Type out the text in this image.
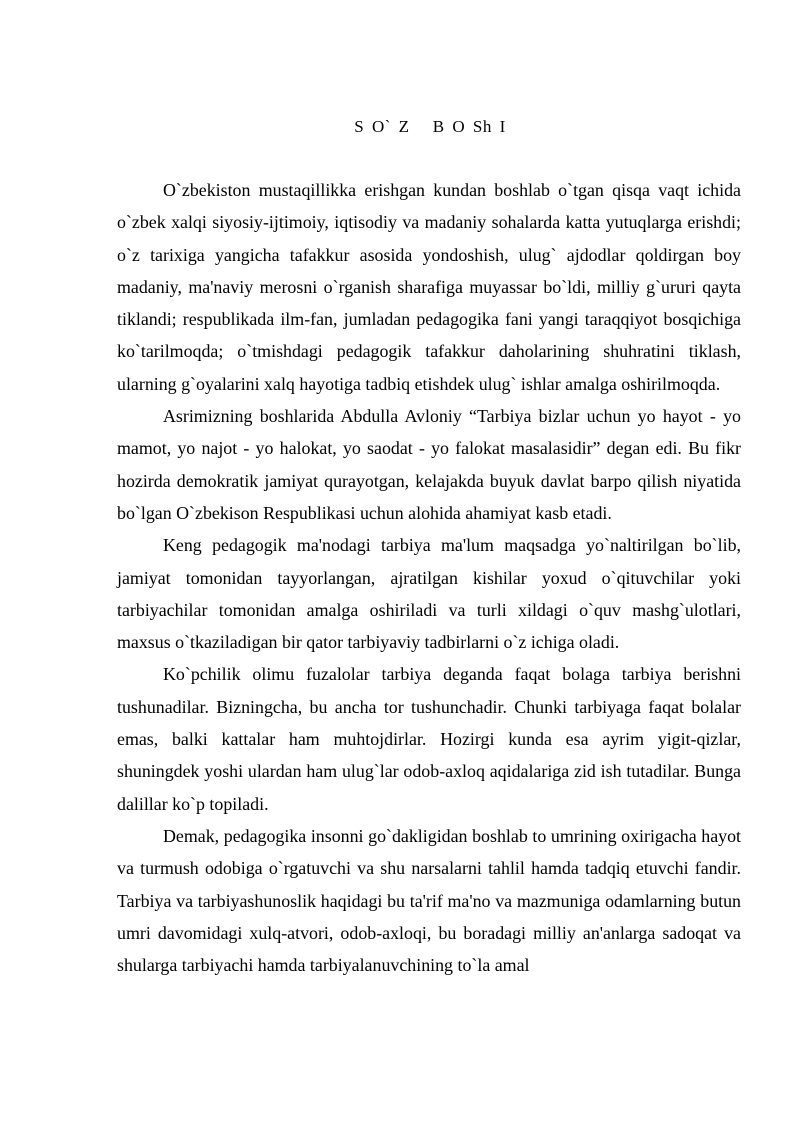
S O` Z   B O Sh I

O`zbekiston mustaqillikka erishgan kundan boshlab o`tgan qisqa vaqt ichida o`zbek xalqi siyosiy-ijtimoiy, iqtisodiy va madaniy sohalarda katta yutuqlarga erishdi; o`z tarixiga yangicha tafakkur asosida yondoshish, ulug` ajdodlar qoldirgan boy madaniy, ma'naviy merosni o`rganish sharafiga muyassar bo`ldi, milliy g`ururi qayta tiklandi; respublikada ilm-fan, jumladan pedagogika fani yangi taraqqiyot bosqichiga ko`tarilmoqda; o`tmishdagi pedagogik tafakkur daholarining shuhratini tiklash, ularning g`oyalarini xalq hayotiga tadbiq etishdek ulug` ishlar amalga oshirilmoqda.

Asrimizning boshlarida Abdulla Avloniy “Tarbiya bizlar uchun yo hayot - yo mamot, yo najot - yo halokat, yo saodat - yo falokat masalasidir” degan edi. Bu fikr hozirda demokratik jamiyat qurayotgan, kelajakda buyuk davlat barpo qilish niyatida bo`lgan O`zbekison Respublikasi uchun alohida ahamiyat kasb etadi.

Keng pedagogik ma'nodagi tarbiya ma'lum maqsadga yo`naltirilgan bo`lib, jamiyat tomonidan tayyorlangan, ajratilgan kishilar yoxud o`qituvchilar yoki tarbiyachilar tomonidan amalga oshiriladi va turli xildagi o`quv mashg`ulotlari, maxsus o`tkaziladigan bir qator tarbiyaviy tadbirlarni o`z ichiga oladi.

Ko`pchilik olimu fuzalolar tarbiya deganda faqat bolaga tarbiya berishni tushunadilar. Bizningcha, bu ancha tor tushunchadir. Chunki tarbiyaga faqat bolalar emas, balki kattalar ham muhtojdirlar. Hozirgi kunda esa ayrim yigit-qizlar, shuningdek yoshi ulardan ham ulug`lar odob-axloq aqidalariga zid ish tutadilar. Bunga dalillar ko`p topiladi.

Demak, pedagogika insonni go`dakligidan boshlab to umrining oxirigacha hayot va turmush odobiga o`rgatuvchi va shu narsalarni tahlil hamda tadqiq etuvchi fandir. Tarbiya va tarbiyashunoslik haqidagi bu ta'rif ma'no va mazmuniga odamlarning butun umri davomidagi xulq-atvori, odob-axloqi, bu boradagi milliy an'anlarga sadoqat va shularga tarbiyachi hamda tarbiyalanuvchining to`la amal
